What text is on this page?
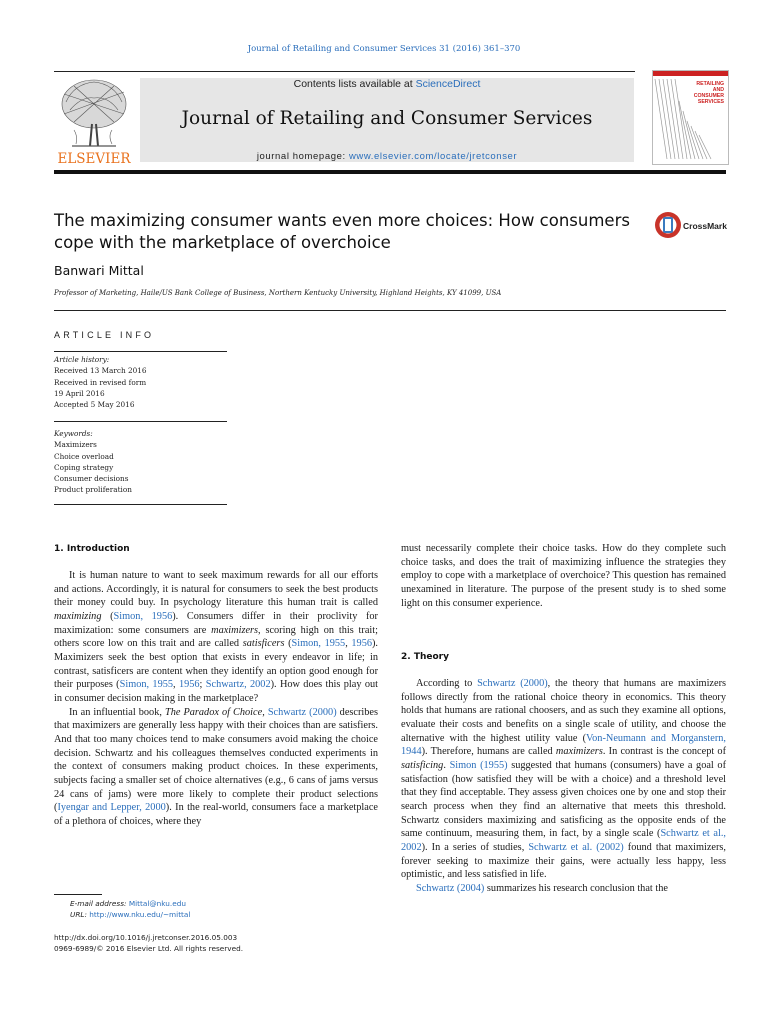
Journal of Retailing and Consumer Services 31 (2016) 361–370
ELSEVIER
Contents lists available at ScienceDirect
Journal of Retailing and Consumer Services
journal homepage: www.elsevier.com/locate/jretconser
RETAILING
AND
CONSUMER
SERVICES
The maximizing consumer wants even more choices: How consumers
cope with the marketplace of overchoice
CrossMark
Banwari Mittal
Professor of Marketing, Haile/US Bank College of Business, Northern Kentucky University, Highland Heights, KY 41099, USA
ARTICLE INFO
Article history:
Received 13 March 2016
Received in revised form
19 April 2016
Accepted 5 May 2016
Keywords:
Maximizers
Choice overload
Coping strategy
Consumer decisions
Product proliferation
1. Introduction

It is human nature to want to seek maximum rewards for all our efforts and actions. Accordingly, it is natural for consumers to seek the best products their money could buy. In psychology literature this human trait is called maximizing (Simon, 1956). Consumers differ in their proclivity for maximization: some consumers are maximizers, scoring high on this trait; others score low on this trait and are called satisficers (Simon, 1955, 1956). Maximizers seek the best option that exists in every endeavor in life; in contrast, satisficers are content when they identify an option good enough for their purposes (Simon, 1955, 1956; Schwartz, 2002). How does this play out in consumer decision making in the marketplace?

In an influential book, The Paradox of Choice, Schwartz (2000) describes that maximizers are generally less happy with their choices than are satisfiers. And that too many choices tend to make consumers avoid making the choice decision. Schwartz and his colleagues themselves conducted experiments in the context of consumers making product choices. In these experiments, subjects facing a smaller set of choice alternatives (e.g., 6 cans of jams versus 24 cans of jams) were more likely to complete their product selections (Iyengar and Lepper, 2000). In the real-world, consumers face a marketplace of a plethora of choices, where they

must necessarily complete their choice tasks. How do they complete such choice tasks, and does the trait of maximizing influence the strategies they employ to cope with a marketplace of overchoice? This question has remained unexamined in literature. The purpose of the present study is to shed some light on this consumer experience.

2. Theory

According to Schwartz (2000), the theory that humans are maximizers follows directly from the rational choice theory in economics. This theory holds that humans are rational choosers, and as such they examine all options, evaluate their costs and benefits on a single scale of utility, and choose the alternative with the highest utility value (Von-Neumann and Morganstern, 1944). Therefore, humans are called maximizers. In contrast is the concept of satisficing. Simon (1955) suggested that humans (consumers) have a goal of satisfaction (how satisfied they will be with a choice) and a threshold level that they find acceptable. They assess given choices one by one and stop their search process when they find an alternative that meets this threshold. Schwartz considers maximizing and satisficing as the opposite ends of the same continuum, measuring them, in fact, by a single scale (Schwartz et al., 2002). In a series of studies, Schwartz et al. (2002) found that maximizers, forever seeking to maximize their gains, were actually less happy, less optimistic, and less satisfied in life.

Schwartz (2004) summarizes his research conclusion that the

E-mail address: Mittal@nku.edu
URL: http://www.nku.edu/~mittal
http://dx.doi.org/10.1016/j.jretconser.2016.05.003
0969-6989/© 2016 Elsevier Ltd. All rights reserved.
